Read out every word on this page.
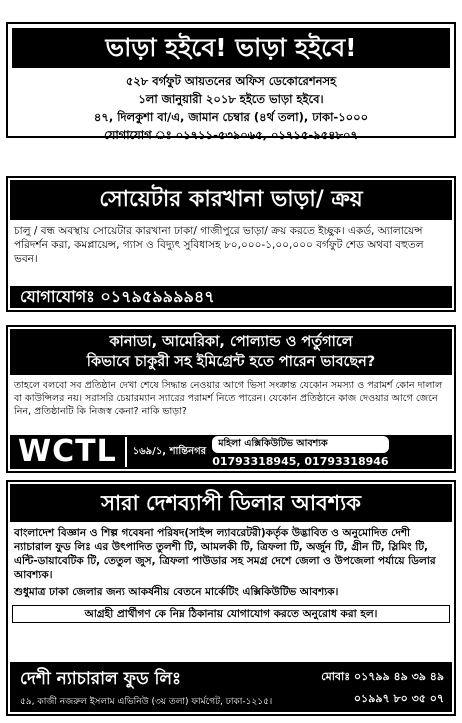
ভাড়া হইবে! ভাড়া হইবে!
৫২৮ বর্গফুট আয়তনের অফিস ডেকোরেশনসহ
১লা জানুয়ারী ২০১৮ হইতে ভাড়া হইবে।
৪৭, দিলকুশা বা/এ, জামান চেম্বার (৪র্থ তলা), ঢাকা-১০০০
যোগাযোগ ঃ ০১৭১১-৫৩৯০৬৫, ০১৭১৫-৯৫৪৮০৭
সোয়েটার কারখানা ভাড়া/ ক্রয়
চালু / বন্ধ অবস্থায় সোয়েটার কারখানা ঢাকা/ গাজীপুরে ভাড়া/ ক্রয় করতে ইচ্ছুক। একর্ড, অ্যালায়েন্স পরিদর্শন করা, কমপ্লায়েন্স, গ্যাস ও বিদ্যুৎ সুবিধাসহ ৮০,০০০-১,০০,০০০ বর্গফুট শেড অথবা বহুতল ভবন।
যোগাযোগঃ ০১৭৯৫৯৯৯৯৪৭
কানাডা, আমেরিকা, পোল্যান্ড ও পর্তুগালে
কিভাবে চাকুরী সহ ইমিগ্রেন্ট হতে পারেন ভাবছেন?
তাহলে বলবো সব প্রতিষ্ঠান দেখা শেষে সিদ্ধান্ত নেওয়ার আগে ভিসা সংক্রান্ত যেকোন সমস্যা ও পরামর্শ কোন দালাল বা কাউন্সিলর নয়। সরাসরি চেয়ারম্যান স্যারের পরামর্শ নিতে পারেন। যেকোন প্রতিষ্ঠানে কাজ দেওয়ার আগে জেনে নিন, প্রতিষ্ঠানটি কি নিজস্ব কেনা? নাকি ভাড়া?
WCTL	১৬৯/১, শান্তিনগর
মহিলা এক্সিকিউটিভ আবশ্যক
01793318945, 01793318946
সারা দেশব্যাপী ডিলার আবশ্যক
বাংলাদেশ বিজ্ঞান ও শিল্প গবেষনা পরিষদ(সাইন্স ল্যাবরেটরী)কর্তৃক উদ্ভাবিত ও অনুমোদিত দেশী ন্যাচারাল ফুড লিঃ এর উৎপাদিত তুলশী টি, আমলকী টি, ত্রিফলা টি, অর্জুন টি, গ্রীন টি, স্লিমিং টি, এন্টি-ডায়াবেটিক টি, তেতুল জুস, ত্রিফলা পাউডার সহ সমগ্র দেশে জেলা ও উপজেলা পর্যায়ে ডিলার আবশ্যক।
শুধুমাত্র ঢাকা জেলার জন্য আকর্ষনীয় বেতনে মার্কেটিং এক্সিকিউটিভ আবশ্যক।
আগ্রহী প্রার্থীগণ কে নিম্ন ঠিকানায় যোগাযোগ করতে অনুরোধ করা হল।
দেশী ন্যাচারাল ফুড লিঃ
৫৯, কাজী নজরুল ইসলাম এভিনিউ (৩য় তলা) ফার্মগেট, ঢাকা-১২১৫।
মোবাঃ ০১৭৯৯ ৪৯ ৩৯ ৪৯
০১৯৯৭ ৮০ ৩৫ ০৭
